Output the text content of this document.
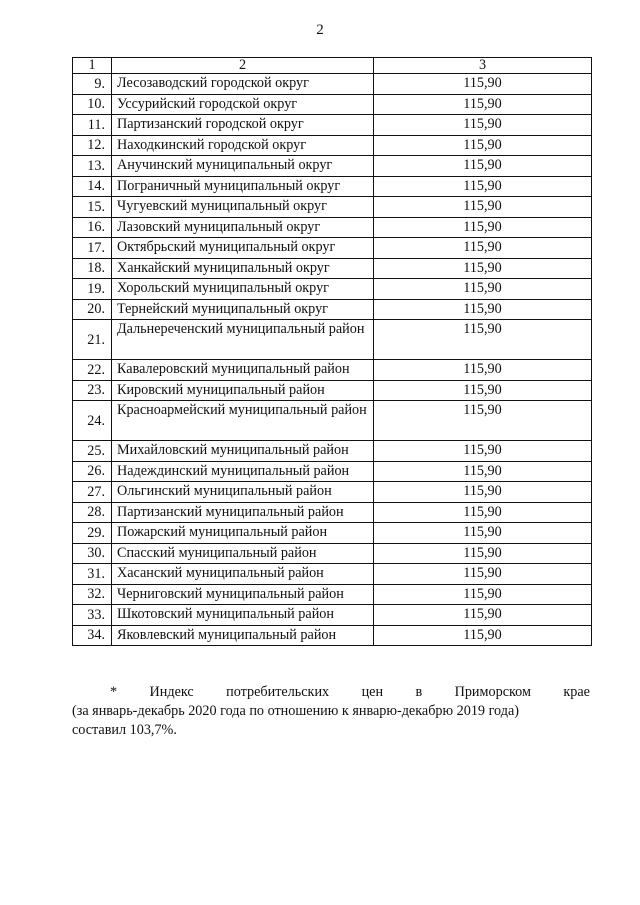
2
1	2	3
9.	Лесозаводский городской округ	115,90
10.	Уссурийский городской округ	115,90
11.	Партизанский городской округ	115,90
12.	Находкинский городской округ	115,90
13.	Анучинский муниципальный округ	115,90
14.	Пограничный муниципальный округ	115,90
15.	Чугуевский муниципальный округ	115,90
16.	Лазовский муниципальный округ	115,90
17.	Октябрьский муниципальный округ	115,90
18.	Ханкайский муниципальный округ	115,90
19.	Хорольский муниципальный округ	115,90
20.	Тернейский муниципальный округ	115,90
21.	Дальнереченский муниципальный район	115,90
22.	Кавалеровский муниципальный район	115,90
23.	Кировский муниципальный район	115,90
24.	Красноармейский муниципальный район	115,90
25.	Михайловский муниципальный район	115,90
26.	Надеждинский муниципальный район	115,90
27.	Ольгинский муниципальный район	115,90
28.	Партизанский муниципальный район	115,90
29.	Пожарский муниципальный район	115,90
30.	Спасский муниципальный район	115,90
31.	Хасанский муниципальный район	115,90
32.	Черниговский муниципальный район	115,90
33.	Шкотовский муниципальный район	115,90
34.	Яковлевский муниципальный район	115,90
* Индекс потребительских цен в Приморском крае
(за январь-декабрь 2020 года по отношению к январю-декабрю 2019 года)
составил 103,7%.
